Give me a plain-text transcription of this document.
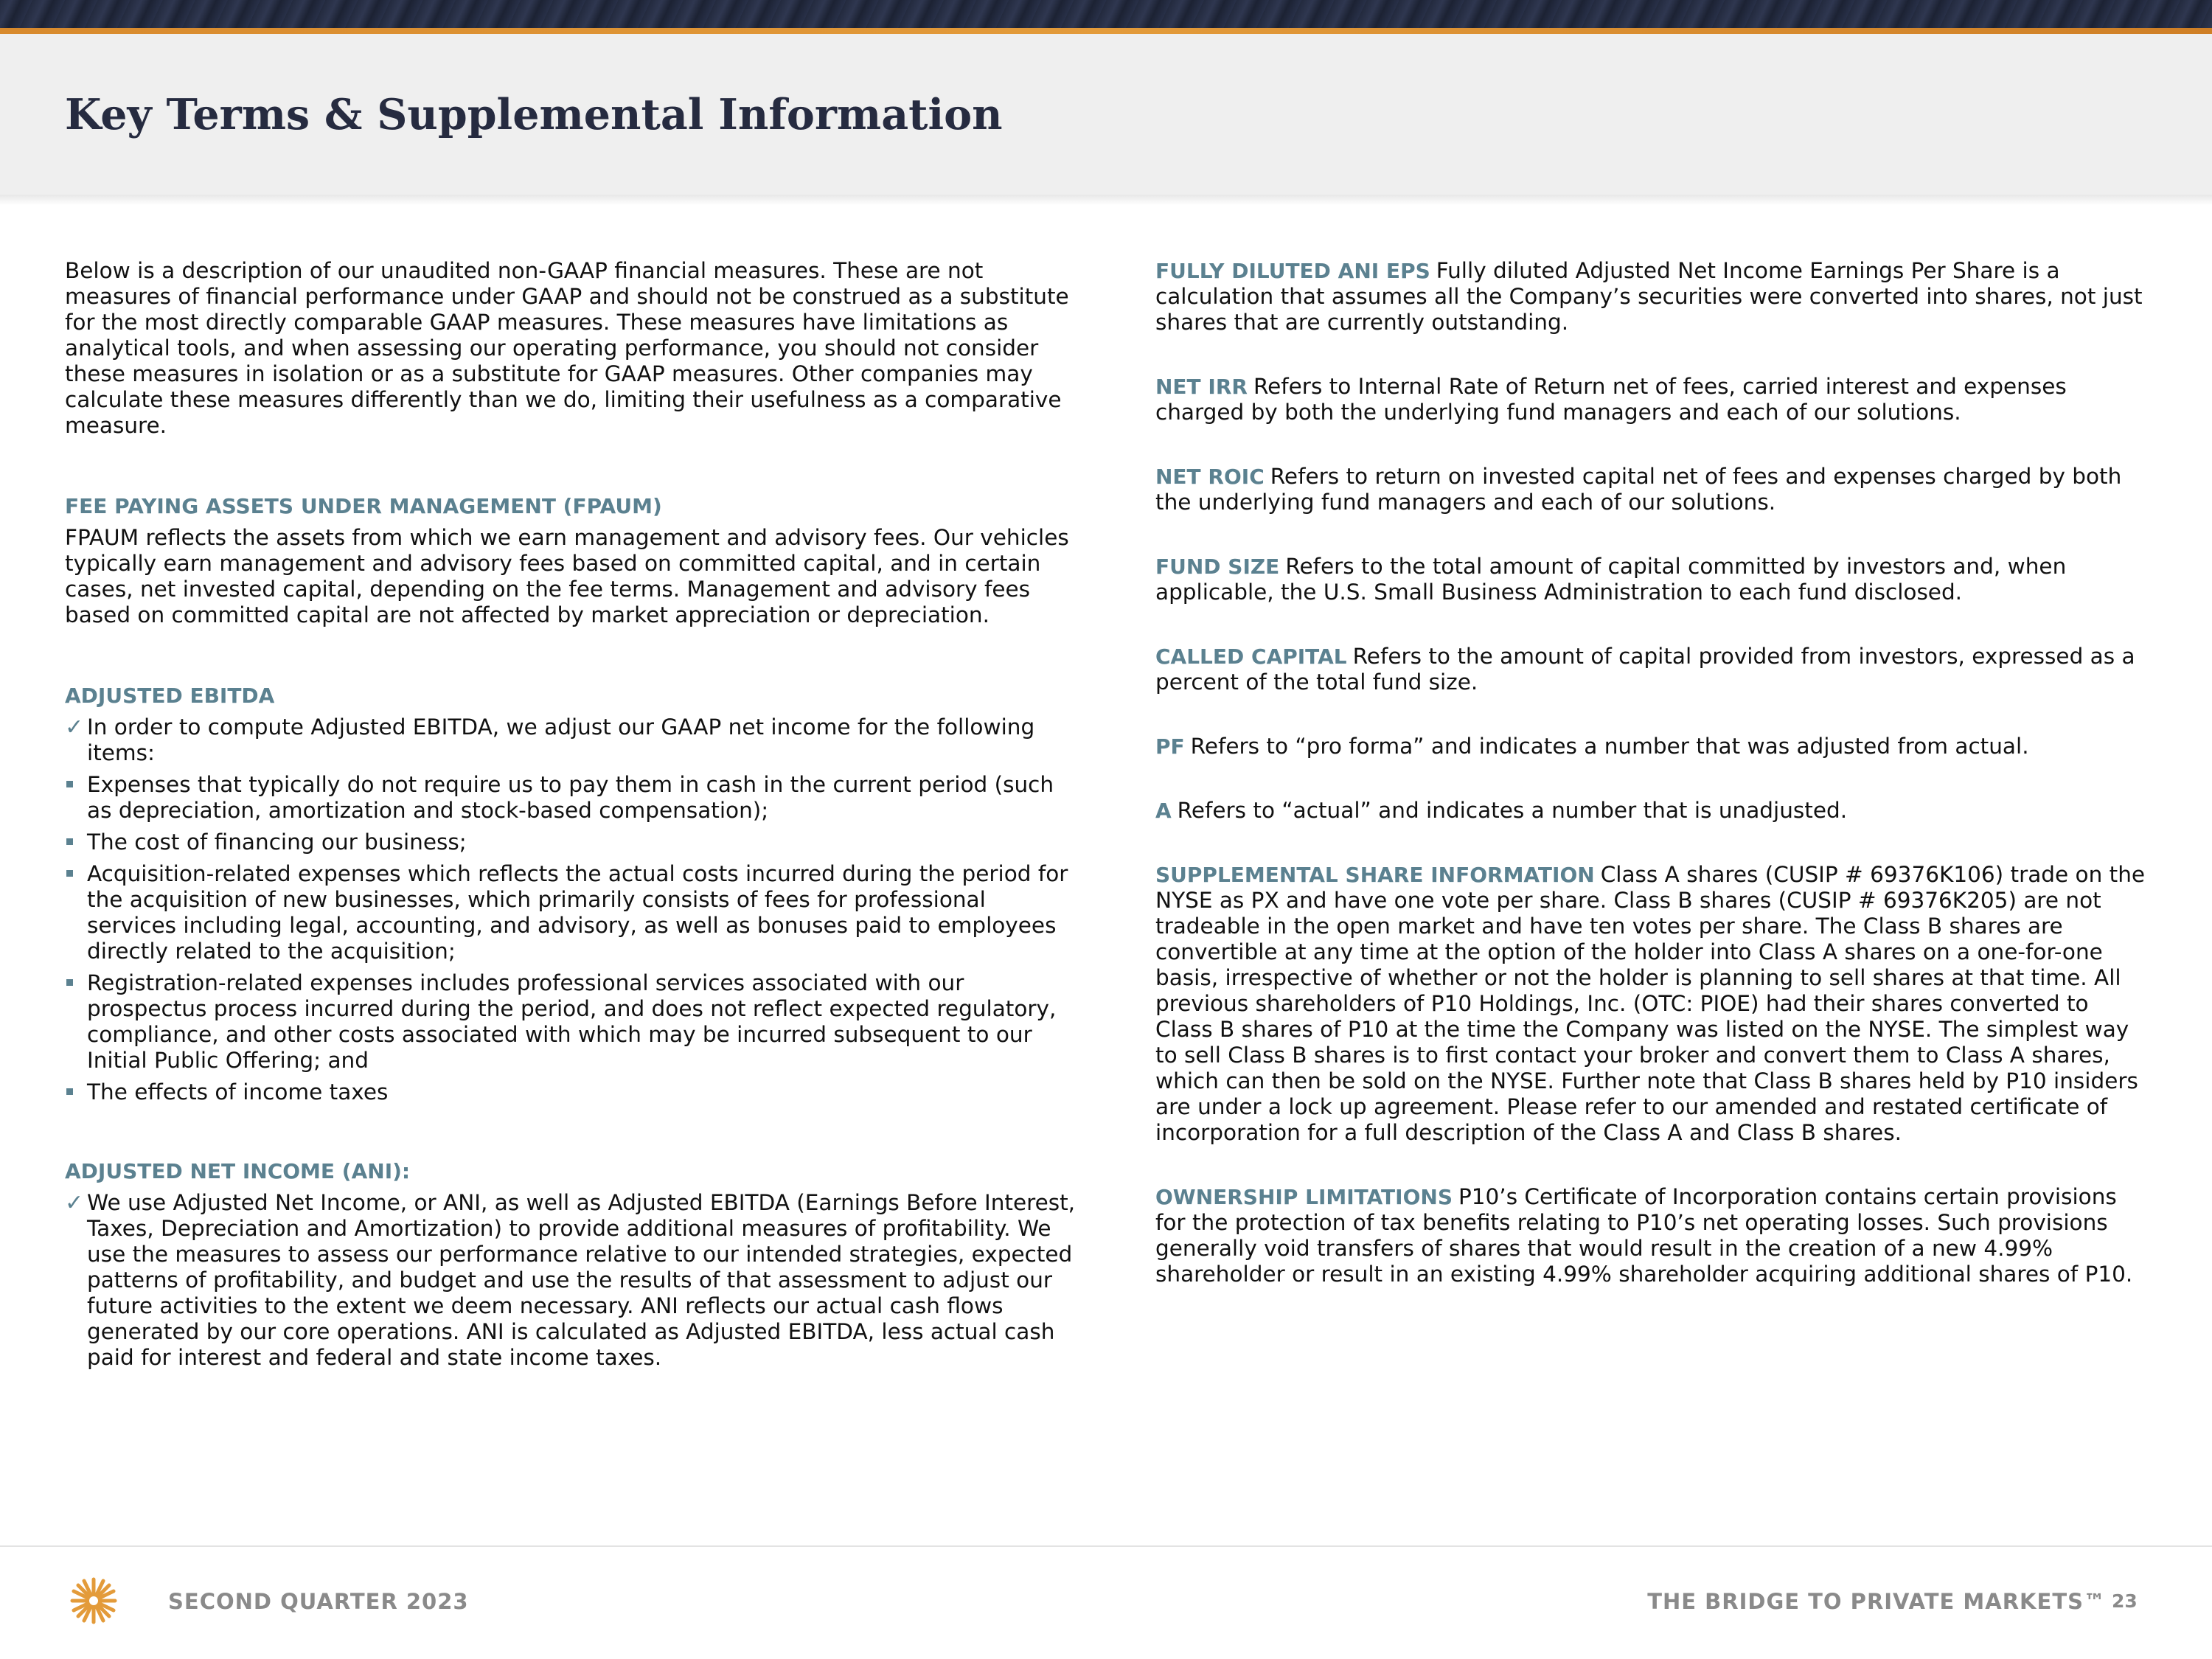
Key Terms & Supplemental Information

Below is a description of our unaudited non-GAAP financial measures. These are not measures of financial performance under GAAP and should not be construed as a substitute for the most directly comparable GAAP measures. These measures have limitations as analytical tools, and when assessing our operating performance, you should not consider these measures in isolation or as a substitute for GAAP measures. Other companies may calculate these measures differently than we do, limiting their usefulness as a comparative measure.

FEE PAYING ASSETS UNDER MANAGEMENT (FPAUM)

FPAUM reflects the assets from which we earn management and advisory fees. Our vehicles typically earn management and advisory fees based on committed capital, and in certain cases, net invested capital, depending on the fee terms. Management and advisory fees based on committed capital are not affected by market appreciation or depreciation.

ADJUSTED EBITDA

✓ In order to compute Adjusted EBITDA, we adjust our GAAP net income for the following items:
Expenses that typically do not require us to pay them in cash in the current period (such as depreciation, amortization and stock-based compensation);
The cost of financing our business;
Acquisition-related expenses which reflects the actual costs incurred during the period for the acquisition of new businesses, which primarily consists of fees for professional services including legal, accounting, and advisory, as well as bonuses paid to employees directly related to the acquisition;
Registration-related expenses includes professional services associated with our prospectus process incurred during the period, and does not reflect expected regulatory, compliance, and other costs associated with which may be incurred subsequent to our Initial Public Offering; and
The effects of income taxes

ADJUSTED NET INCOME (ANI):

✓ We use Adjusted Net Income, or ANI, as well as Adjusted EBITDA (Earnings Before Interest, Taxes, Depreciation and Amortization) to provide additional measures of profitability. We use the measures to assess our performance relative to our intended strategies, expected patterns of profitability, and budget and use the results of that assessment to adjust our future activities to the extent we deem necessary. ANI reflects our actual cash flows generated by our core operations. ANI is calculated as Adjusted EBITDA, less actual cash paid for interest and federal and state income taxes.

FULLY DILUTED ANI EPS Fully diluted Adjusted Net Income Earnings Per Share is a calculation that assumes all the Company’s securities were converted into shares, not just shares that are currently outstanding.

NET IRR Refers to Internal Rate of Return net of fees, carried interest and expenses charged by both the underlying fund managers and each of our solutions.

NET ROIC Refers to return on invested capital net of fees and expenses charged by both the underlying fund managers and each of our solutions.

FUND SIZE Refers to the total amount of capital committed by investors and, when applicable, the U.S. Small Business Administration to each fund disclosed.

CALLED CAPITAL Refers to the amount of capital provided from investors, expressed as a percent of the total fund size.

PF Refers to “pro forma” and indicates a number that was adjusted from actual.

A Refers to “actual” and indicates a number that is unadjusted.

SUPPLEMENTAL SHARE INFORMATION Class A shares (CUSIP # 69376K106) trade on the NYSE as PX and have one vote per share. Class B shares (CUSIP # 69376K205) are not tradeable in the open market and have ten votes per share. The Class B shares are convertible at any time at the option of the holder into Class A shares on a one-for-one basis, irrespective of whether or not the holder is planning to sell shares at that time. All previous shareholders of P10 Holdings, Inc. (OTC: PIOE) had their shares converted to Class B shares of P10 at the time the Company was listed on the NYSE. The simplest way to sell Class B shares is to first contact your broker and convert them to Class A shares, which can then be sold on the NYSE. Further note that Class B shares held by P10 insiders are under a lock up agreement. Please refer to our amended and restated certificate of incorporation for a full description of the Class A and Class B shares.

OWNERSHIP LIMITATIONS P10’s Certificate of Incorporation contains certain provisions for the protection of tax benefits relating to P10’s net operating losses. Such provisions generally void transfers of shares that would result in the creation of a new 4.99% shareholder or result in an existing 4.99% shareholder acquiring additional shares of P10.

SECOND QUARTER 2023	THE BRIDGE TO PRIVATE MARKETS™ 23
